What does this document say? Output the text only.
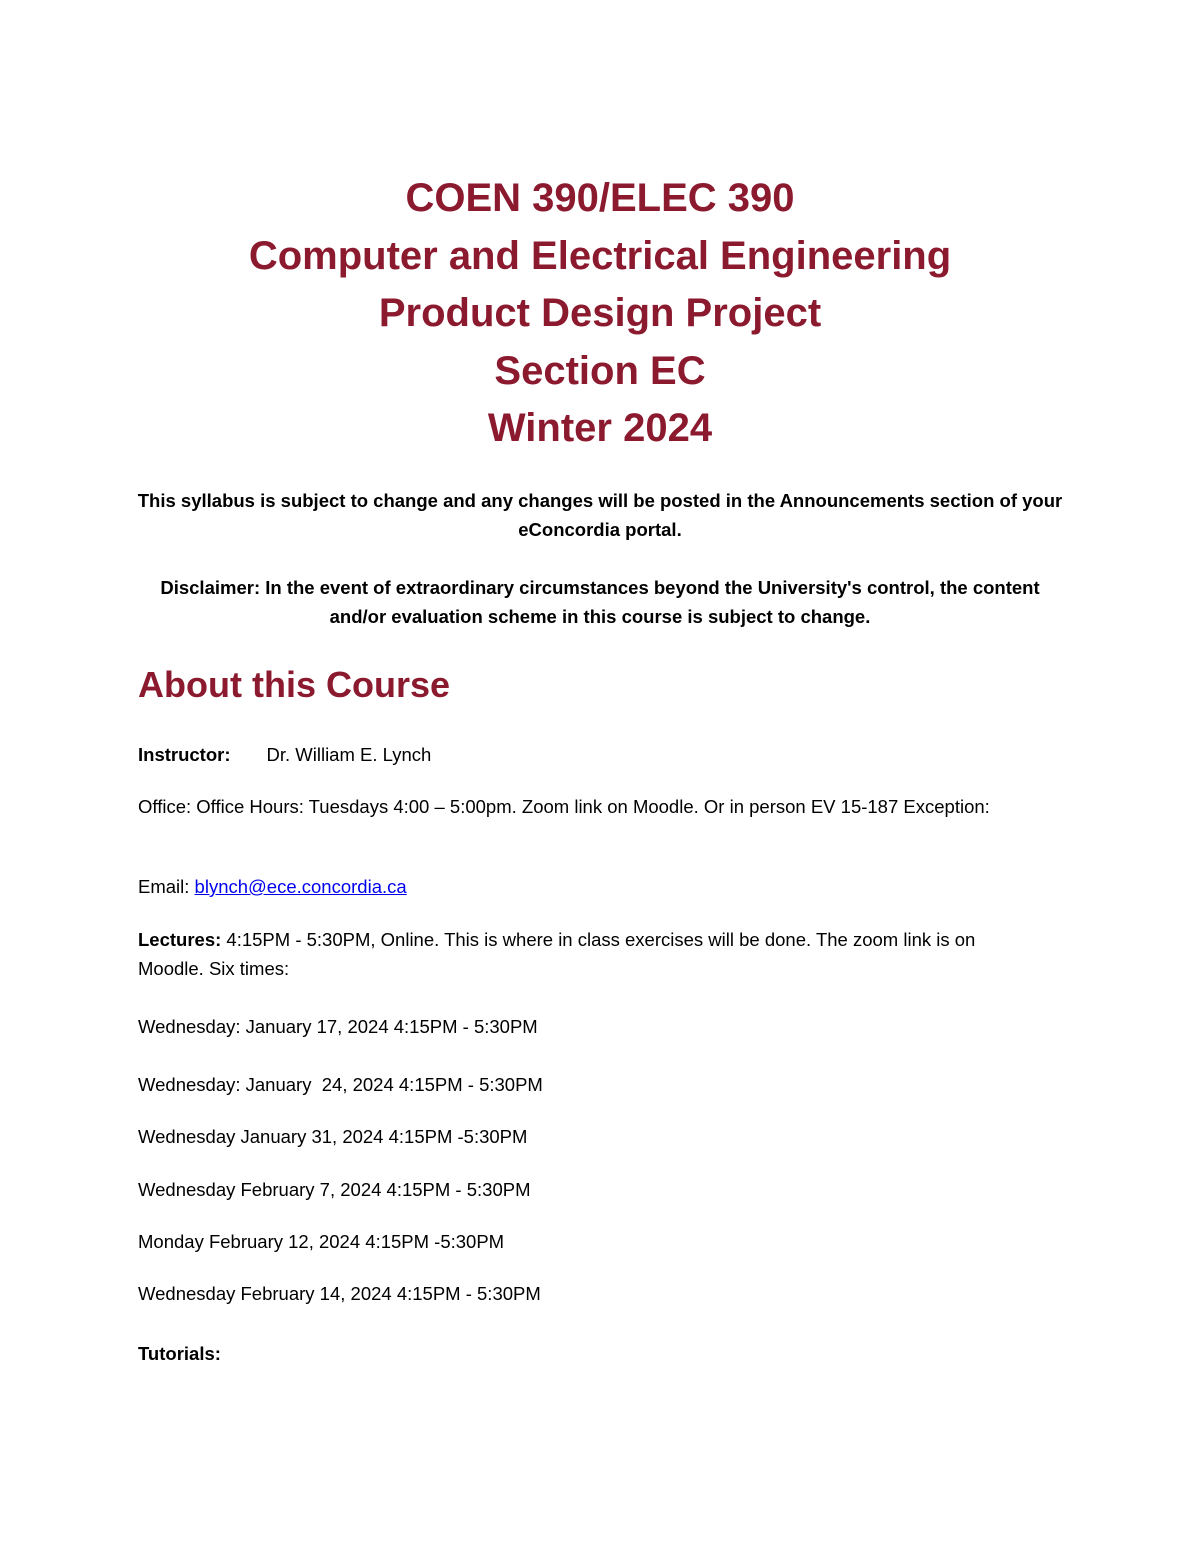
COEN 390/ELEC 390
Computer and Electrical Engineering
Product Design Project
Section EC
Winter 2024
This syllabus is subject to change and any changes will be posted in the Announcements section of your eConcordia portal.
Disclaimer: In the event of extraordinary circumstances beyond the University's control, the content and/or evaluation scheme in this course is subject to change.
About this Course
Instructor: Dr. William E. Lynch
Office: Office Hours: Tuesdays 4:00 – 5:00pm. Zoom link on Moodle. Or in person EV 15-187 Exception:
Email: blynch@ece.concordia.ca
Lectures: 4:15PM - 5:30PM, Online. This is where in class exercises will be done. The zoom link is on Moodle. Six times:
Wednesday: January 17, 2024 4:15PM - 5:30PM
Wednesday: January  24, 2024 4:15PM - 5:30PM
Wednesday January 31, 2024 4:15PM -5:30PM
Wednesday February 7, 2024 4:15PM - 5:30PM
Monday February 12, 2024 4:15PM -5:30PM
Wednesday February 14, 2024 4:15PM - 5:30PM
Tutorials:
